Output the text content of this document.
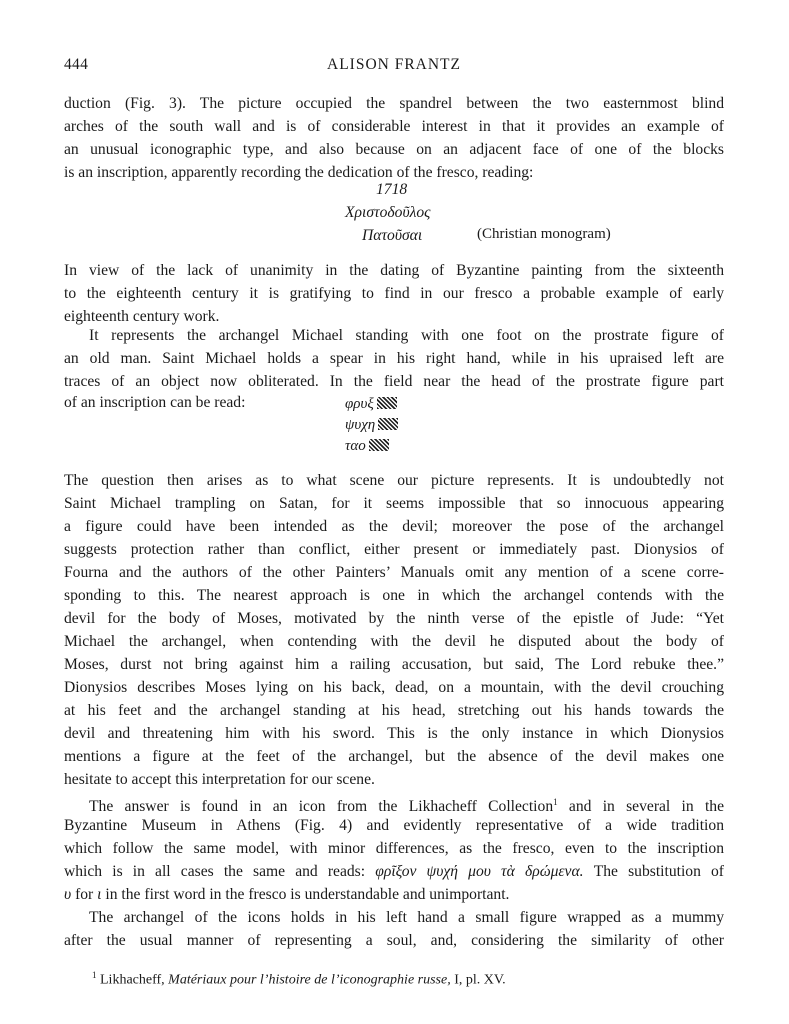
444	ALISON FRANTZ
duction (Fig. 3). The picture occupied the spandrel between the two easternmost blind
arches of the south wall and is of considerable interest in that it provides an example of
an unusual iconographic type, and also because on an adjacent face of one of the blocks
is an inscription, apparently recording the dedication of the fresco, reading:
1718
Χριστοδοῦλος
Πατοῦσαι	(Christian monogram)
In view of the lack of unanimity in the dating of Byzantine painting from the sixteenth
to the eighteenth century it is gratifying to find in our fresco a probable example of early
eighteenth century work.
It represents the archangel Michael standing with one foot on the prostrate figure of
an old man. Saint Michael holds a spear in his right hand, while in his upraised left are
traces of an object now obliterated. In the field near the head of the prostrate figure part
of an inscription can be read:	φρυξ
ψυχη
ταο
The question then arises as to what scene our picture represents. It is undoubtedly not
Saint Michael trampling on Satan, for it seems impossible that so innocuous appearing
a figure could have been intended as the devil; moreover the pose of the archangel
suggests protection rather than conflict, either present or immediately past. Dionysios of
Fourna and the authors of the other Painters’ Manuals omit any mention of a scene corre-
sponding to this. The nearest approach is one in which the archangel contends with the
devil for the body of Moses, motivated by the ninth verse of the epistle of Jude: “Yet
Michael the archangel, when contending with the devil he disputed about the body of
Moses, durst not bring against him a railing accusation, but said, The Lord rebuke thee.”
Dionysios describes Moses lying on his back, dead, on a mountain, with the devil crouching
at his feet and the archangel standing at his head, stretching out his hands towards the
devil and threatening him with his sword. This is the only instance in which Dionysios
mentions a figure at the feet of the archangel, but the absence of the devil makes one
hesitate to accept this interpretation for our scene.
The answer is found in an icon from the Likhacheff Collection$^1$ and in several in the
Byzantine Museum in Athens (Fig. 4) and evidently representative of a wide tradition
which follow the same model, with minor differences, as the fresco, even to the inscription
which is in all cases the same and reads: φρῖξον ψυχή μου τὰ δρώμενα. The substitution of
υ for ι in the first word in the fresco is understandable and unimportant.
The archangel of the icons holds in his left hand a small figure wrapped as a mummy
after the usual manner of representing a soul, and, considering the similarity of other
$^1$ Likhacheff, Matériaux pour l’histoire de l’iconographie russe, I, pl. XV.
